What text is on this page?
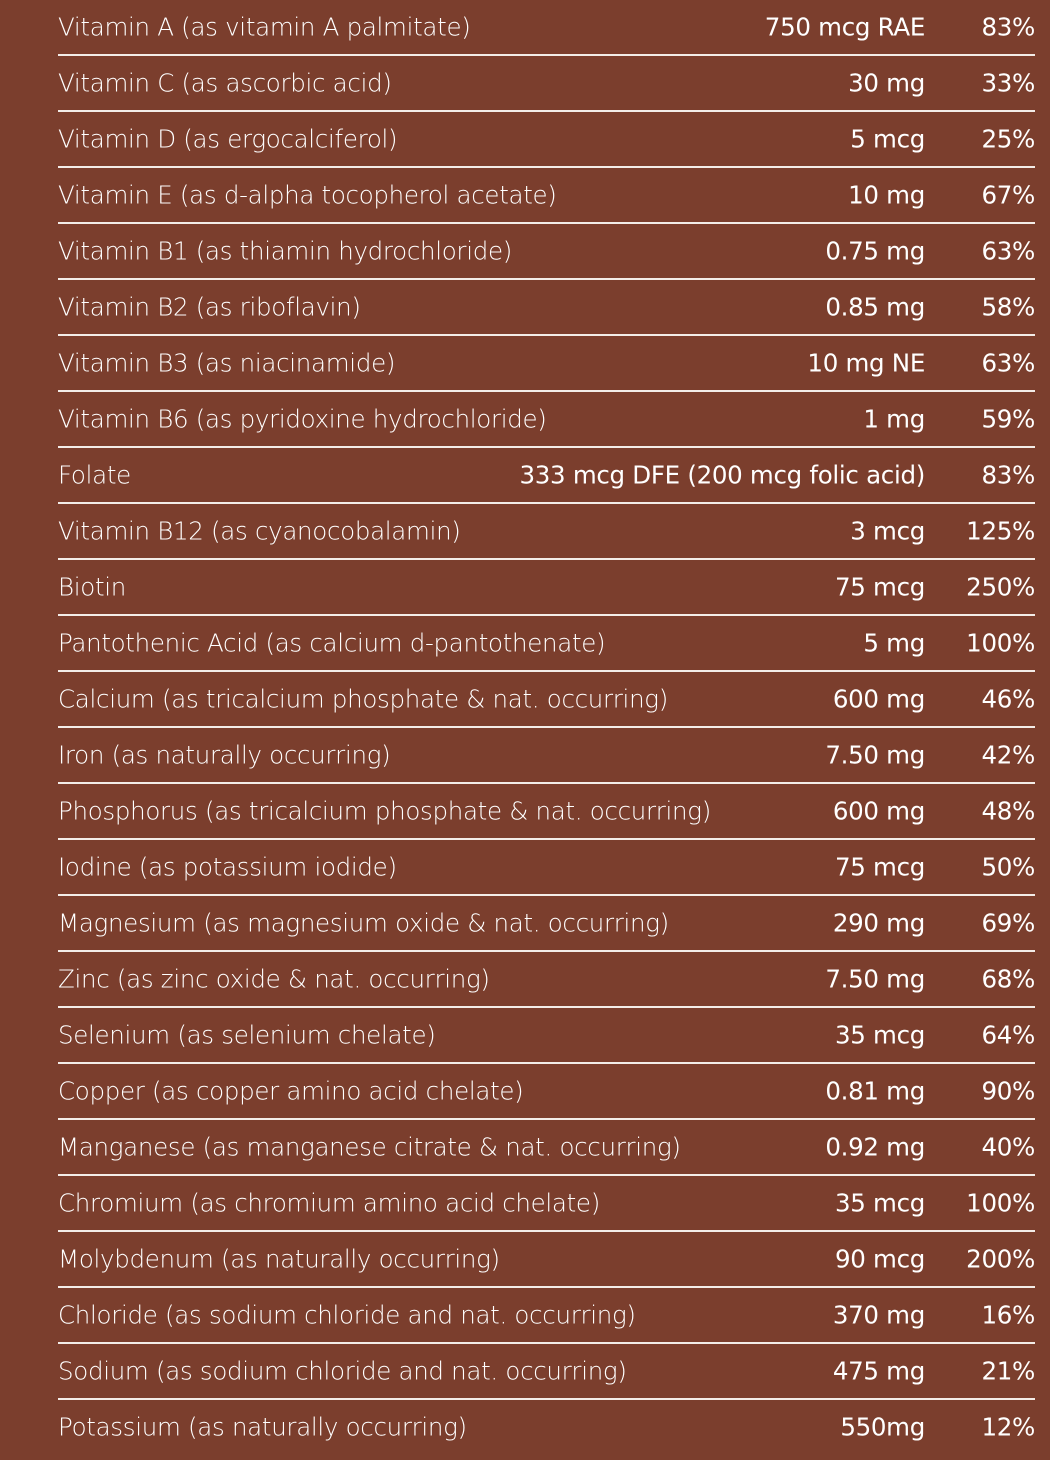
Vitamin A (as vitamin A palmitate)	750 mcg RAE 83%
Vitamin C (as ascorbic acid)	30 mg 33%
Vitamin D (as ergocalciferol)	5 mcg 25%
Vitamin E (as d-alpha tocopherol acetate)	10 mg 67%
Vitamin B1 (as thiamin hydrochloride)	0.75 mg 63%
Vitamin B2 (as riboflavin)	0.85 mg 58%
Vitamin B3 (as niacinamide)	10 mg NE 63%
Vitamin B6 (as pyridoxine hydrochloride)	1 mg 59%
Folate	333 mcg DFE (200 mcg folic acid) 83%
Vitamin B12 (as cyanocobalamin)	3 mcg 125%
Biotin	75 mcg 250%
Pantothenic Acid (as calcium d-pantothenate)	5 mg 100%
Calcium (as tricalcium phosphate & nat. occurring)	600 mg 46%
Iron (as naturally occurring)	7.50 mg 42%
Phosphorus (as tricalcium phosphate & nat. occurring)	600 mg 48%
Iodine (as potassium iodide)	75 mcg 50%
Magnesium (as magnesium oxide & nat. occurring)	290 mg 69%
Zinc (as zinc oxide & nat. occurring)	7.50 mg 68%
Selenium (as selenium chelate)	35 mcg 64%
Copper (as copper amino acid chelate)	0.81 mg 90%
Manganese (as manganese citrate & nat. occurring)	0.92 mg 40%
Chromium (as chromium amino acid chelate)	35 mcg 100%
Molybdenum (as naturally occurring)	90 mcg 200%
Chloride (as sodium chloride and nat. occurring)	370 mg 16%
Sodium (as sodium chloride and nat. occurring)	475 mg 21%
Potassium (as naturally occurring)	550mg 12%
